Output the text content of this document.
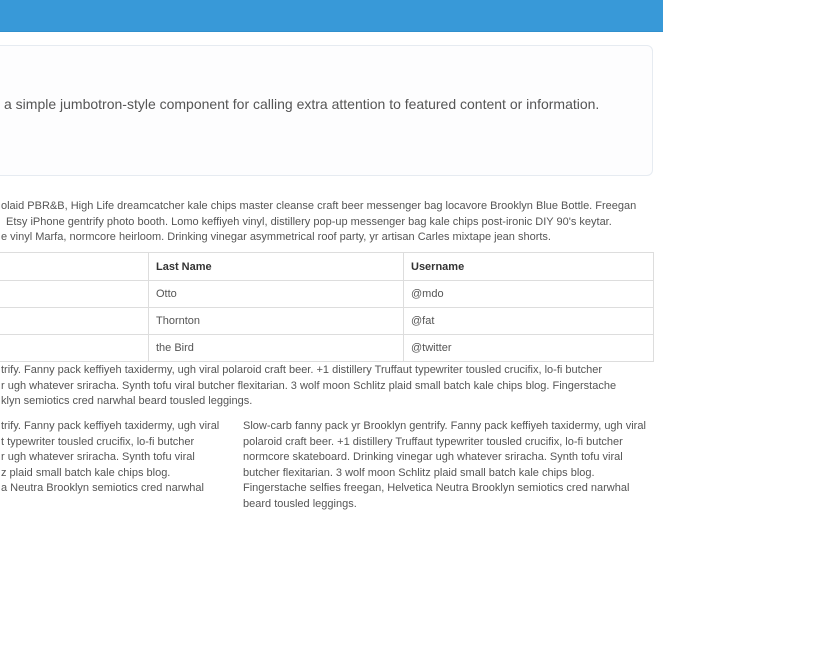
a simple jumbotron-style component for calling extra attention to featured content or information.
olaid PBR&B, High Life dreamcatcher kale chips master cleanse craft beer messenger bag locavore Brooklyn Blue Bottle. Freegan
Etsy iPhone gentrify photo booth. Lomo keffiyeh vinyl, distillery pop-up messenger bag kale chips post-ironic DIY 90's keytar.
e vinyl Marfa, normcore heirloom. Drinking vinegar asymmetrical roof party, yr artisan Carles mixtape jean shorts.
	Last Name	Username
	Otto	@mdo
	Thornton	@fat
	the Bird	@twitter
trify. Fanny pack keffiyeh taxidermy, ugh viral polaroid craft beer. +1 distillery Truffaut typewriter tousled crucifix, lo-fi butcher
r ugh whatever sriracha. Synth tofu viral butcher flexitarian. 3 wolf moon Schlitz plaid small batch kale chips blog. Fingerstache
klyn semiotics cred narwhal beard tousled leggings.
trify. Fanny pack keffiyeh taxidermy, ugh viral
t typewriter tousled crucifix, lo-fi butcher
r ugh whatever sriracha. Synth tofu viral
z plaid small batch kale chips blog.
a Neutra Brooklyn semiotics cred narwhal
Slow-carb fanny pack yr Brooklyn gentrify. Fanny pack keffiyeh taxidermy, ugh viral
polaroid craft beer. +1 distillery Truffaut typewriter tousled crucifix, lo-fi butcher
normcore skateboard. Drinking vinegar ugh whatever sriracha. Synth tofu viral
butcher flexitarian. 3 wolf moon Schlitz plaid small batch kale chips blog.
Fingerstache selfies freegan, Helvetica Neutra Brooklyn semiotics cred narwhal
beard tousled leggings.
